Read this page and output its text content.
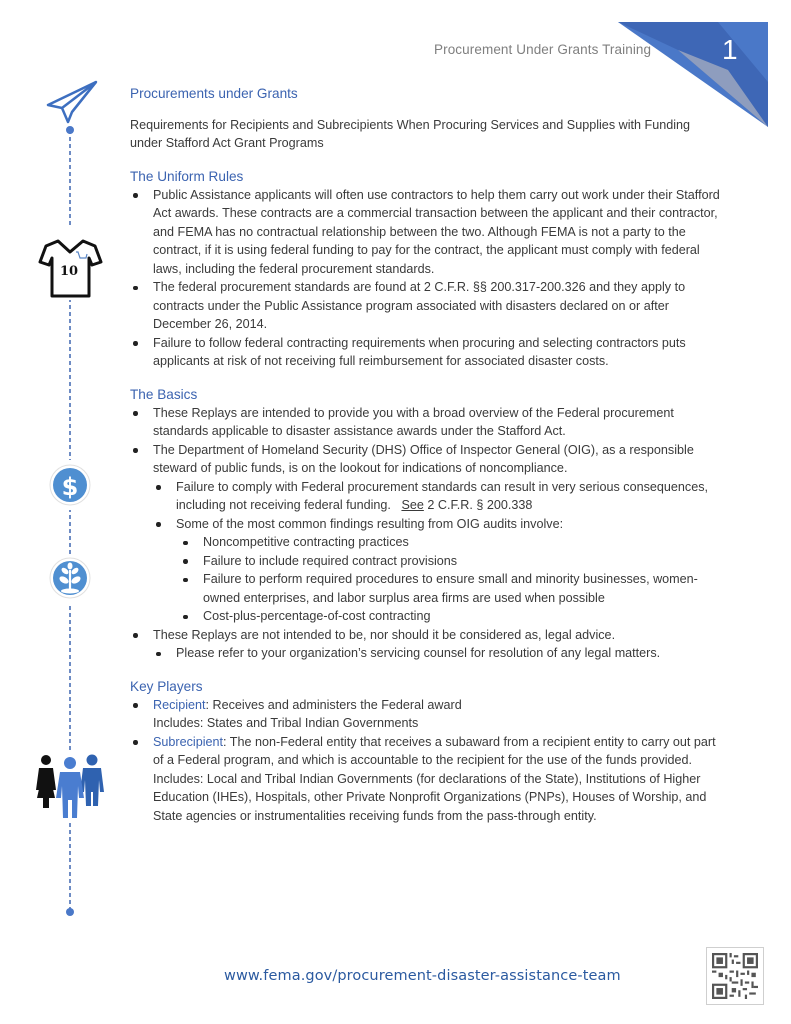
Procurement Under Grants Training	1
10
$
Procurements under Grants
Requirements for Recipients and Subrecipients When Procuring Services and Supplies with Funding under Stafford Act Grant Programs
The Uniform Rules
Public Assistance applicants will often use contractors to help them carry out work under their Stafford Act awards. These contracts are a commercial transaction between the applicant and their contractor, and FEMA has no contractual relationship between the two. Although FEMA is not a party to the contract, if it is using federal funding to pay for the contract, the applicant must comply with federal laws, including the federal procurement standards.
The federal procurement standards are found at 2 C.F.R. §§ 200.317-200.326 and they apply to contracts under the Public Assistance program associated with disasters declared on or after December 26, 2014.
Failure to follow federal contracting requirements when procuring and selecting contractors puts applicants at risk of not receiving full reimbursement for associated disaster costs.
The Basics
These Replays are intended to provide you with a broad overview of the Federal procurement standards applicable to disaster assistance awards under the Stafford Act.
The Department of Homeland Security (DHS) Office of Inspector General (OIG), as a responsible steward of public funds, is on the lookout for indications of noncompliance.
Failure to comply with Federal procurement standards can result in very serious consequences, including not receiving federal funding. See 2 C.F.R. § 200.338
Some of the most common findings resulting from OIG audits involve:
Noncompetitive contracting practices
Failure to include required contract provisions
Failure to perform required procedures to ensure small and minority businesses, women-owned enterprises, and labor surplus area firms are used when possible
Cost-plus-percentage-of-cost contracting
These Replays are not intended to be, nor should it be considered as, legal advice.
Please refer to your organization’s servicing counsel for resolution of any legal matters.
Key Players
Recipient: Receives and administers the Federal award
Includes: States and Tribal Indian Governments
Subrecipient: The non-Federal entity that receives a subaward from a recipient entity to carry out part of a Federal program, and which is accountable to the recipient for the use of the funds provided.
Includes: Local and Tribal Indian Governments (for declarations of the State), Institutions of Higher Education (IHEs), Hospitals, other Private Nonprofit Organizations (PNPs), Houses of Worship, and State agencies or instrumentalities receiving funds from the pass-through entity.
www.fema.gov/procurement-disaster-assistance-team
